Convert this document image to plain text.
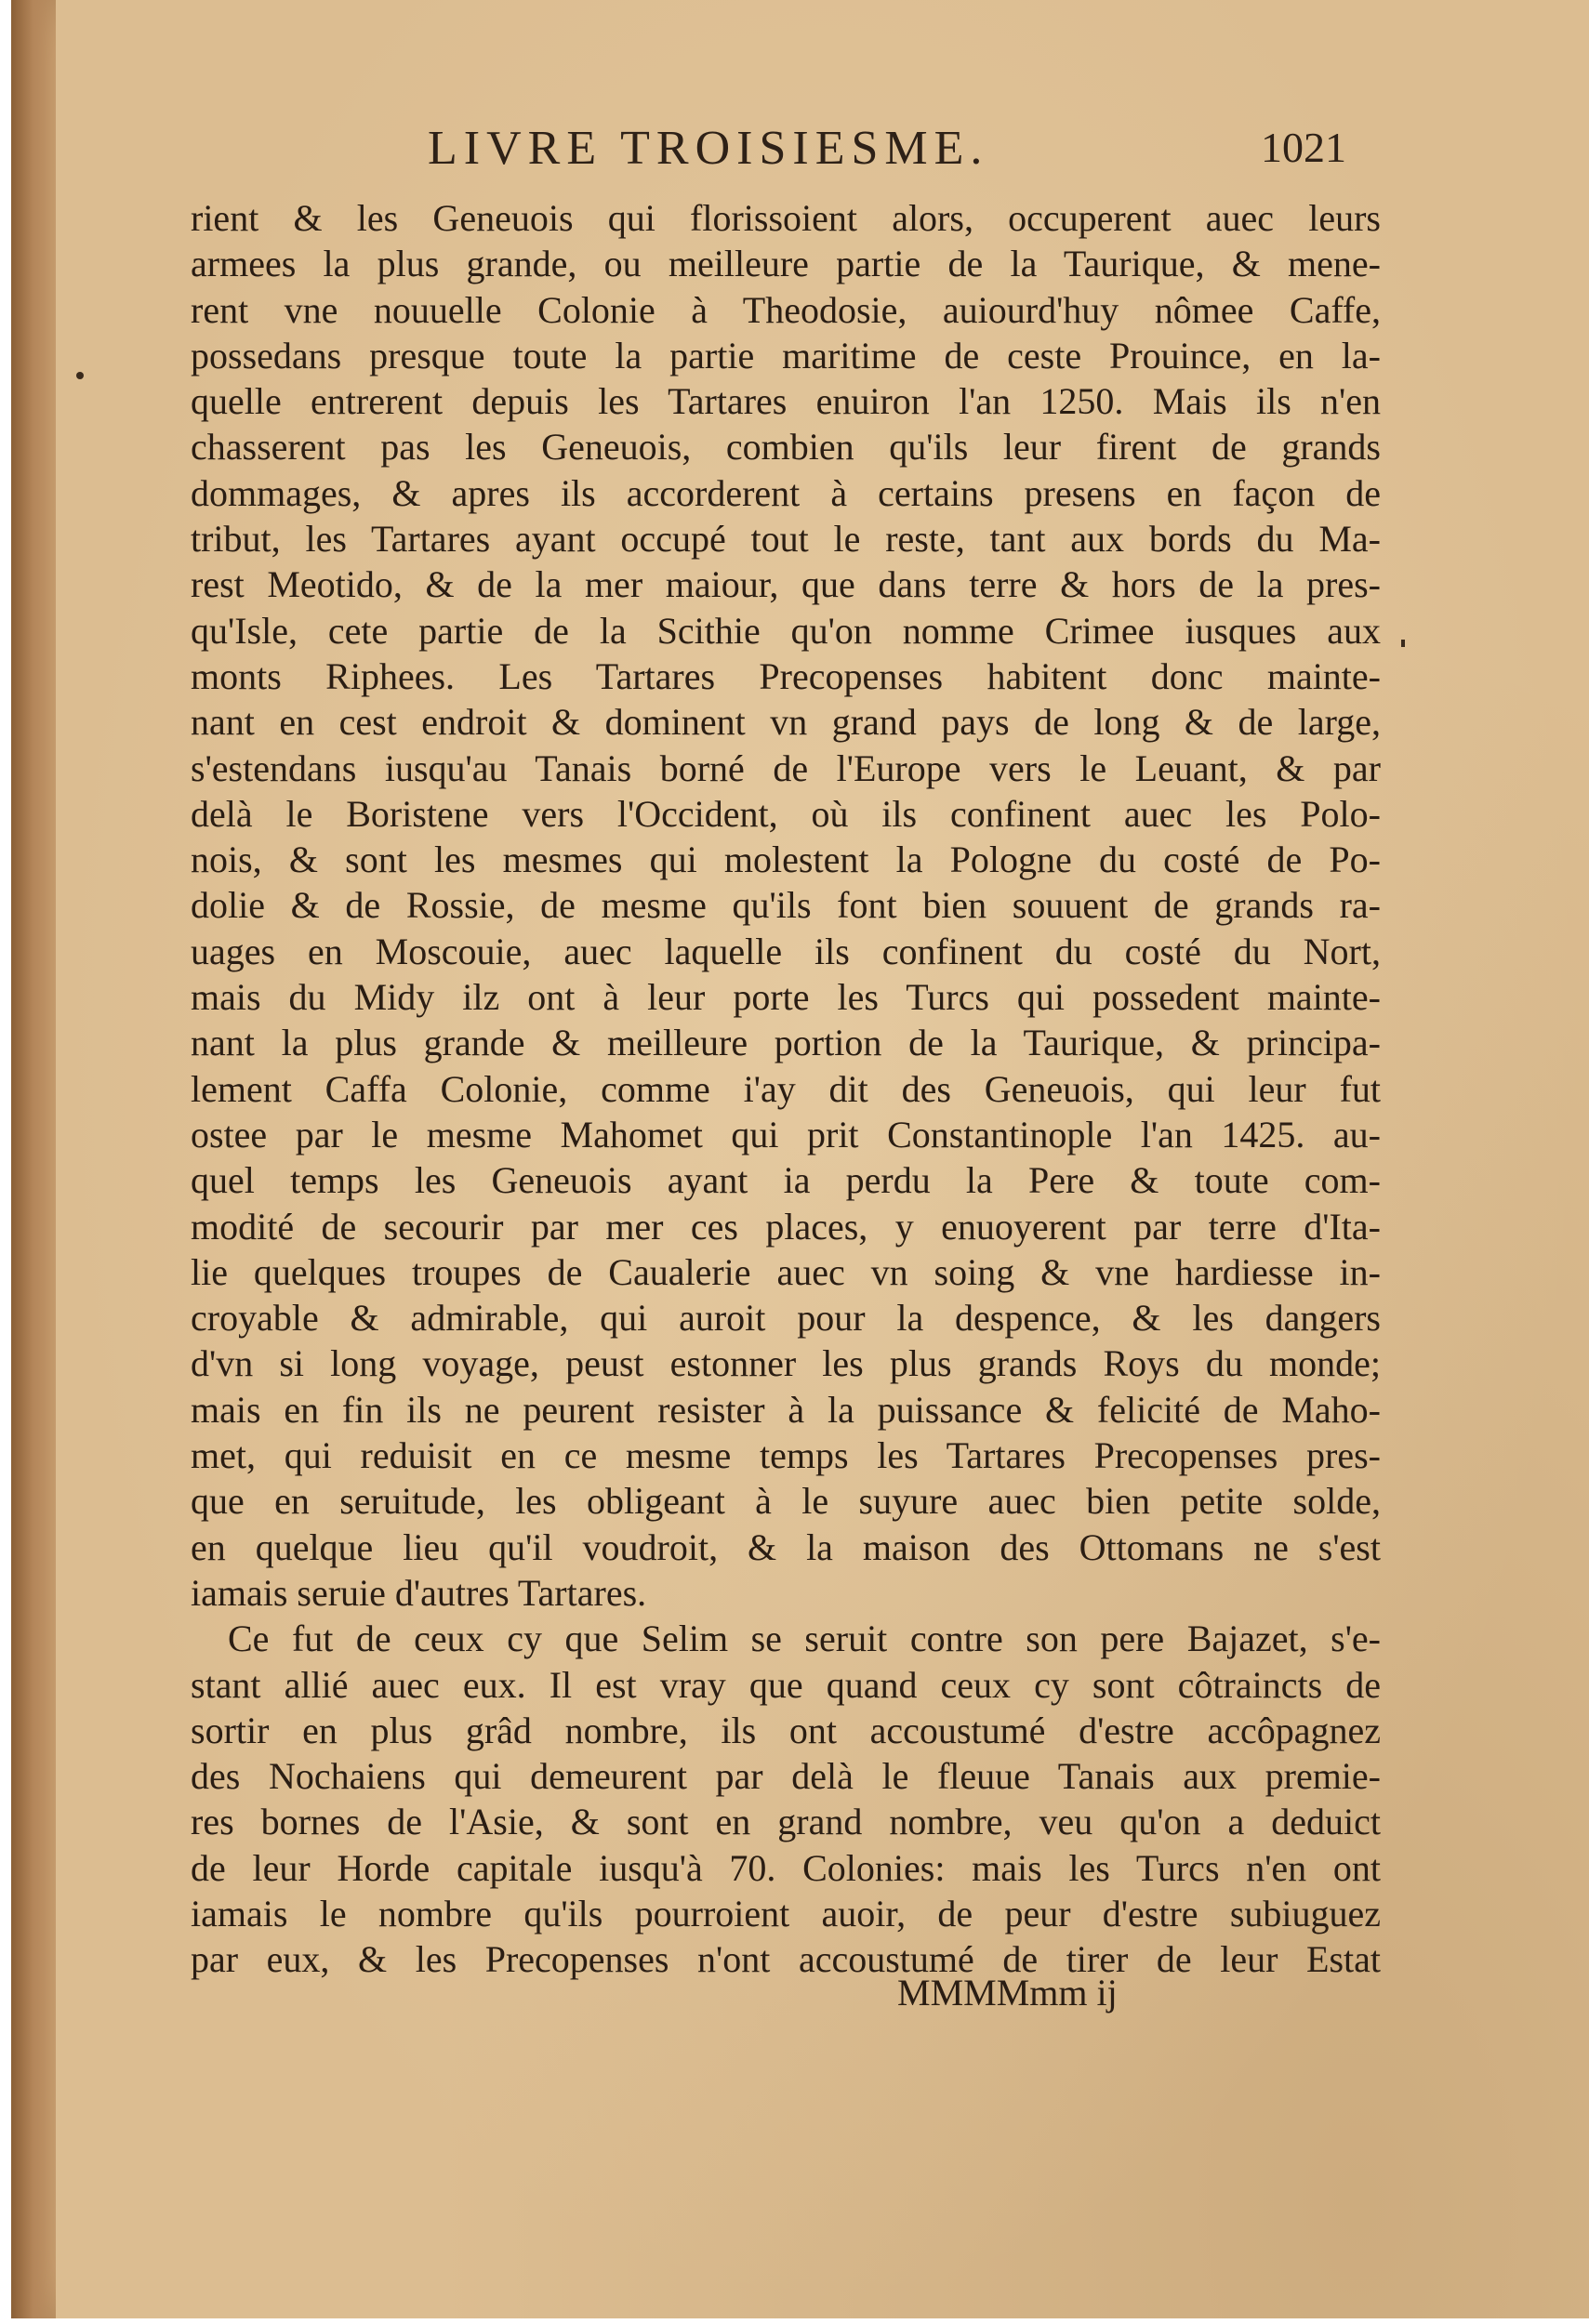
LIVRE TROISIESME.	1021
rient & les Geneuois qui florissoient alors, occuperent auec leurs
armees la plus grande, ou meilleure partie de la Taurique, & mene-
rent vne nouuelle Colonie à Theodosie, auiourd'huy nômee Caffe,
possedans presque toute la partie maritime de ceste Prouince, en la-
quelle entrerent depuis les Tartares enuiron l'an 1250. Mais ils n'en
chasserent pas les Geneuois, combien qu'ils leur firent de grands
dommages, & apres ils accorderent à certains presens en façon de
tribut, les Tartares ayant occupé tout le reste, tant aux bords du Ma-
rest Meotido, & de la mer maiour, que dans terre & hors de la pres-
qu'Isle, cete partie de la Scithie qu'on nomme Crimee iusques aux
monts Riphees. Les Tartares Precopenses habitent donc mainte-
nant en cest endroit & dominent vn grand pays de long & de large,
s'estendans iusqu'au Tanais borné de l'Europe vers le Leuant, & par
delà le Boristene vers l'Occident, où ils confinent auec les Polo-
nois, & sont les mesmes qui molestent la Pologne du costé de Po-
dolie & de Rossie, de mesme qu'ils font bien souuent de grands ra-
uages en Moscouie, auec laquelle ils confinent du costé du Nort,
mais du Midy ilz ont à leur porte les Turcs qui possedent mainte-
nant la plus grande & meilleure portion de la Taurique, & principa-
lement Caffa Colonie, comme i'ay dit des Geneuois, qui leur fut
ostee par le mesme Mahomet qui prit Constantinople l'an 1425. au-
quel temps les Geneuois ayant ia perdu la Pere & toute com-
modité de secourir par mer ces places, y enuoyerent par terre d'Ita-
lie quelques troupes de Caualerie auec vn soing & vne hardiesse in-
croyable & admirable, qui auroit pour la despence, & les dangers
d'vn si long voyage, peust estonner les plus grands Roys du monde;
mais en fin ils ne peurent resister à la puissance & felicité de Maho-
met, qui reduisit en ce mesme temps les Tartares Precopenses pres-
que en seruitude, les obligeant à le suyure auec bien petite solde,
en quelque lieu qu'il voudroit, & la maison des Ottomans ne s'est
iamais seruie d'autres Tartares.
Ce fut de ceux cy que Selim se seruit contre son pere Bajazet, s'e-
stant allié auec eux. Il est vray que quand ceux cy sont côtraincts de
sortir en plus grâd nombre, ils ont accoustumé d'estre accôpagnez
des Nochaiens qui demeurent par delà le fleuue Tanais aux premie-
res bornes de l'Asie, & sont en grand nombre, veu qu'on a deduict
de leur Horde capitale iusqu'à 70. Colonies: mais les Turcs n'en ont
iamais le nombre qu'ils pourroient auoir, de peur d'estre subiuguez
par eux, & les Precopenses n'ont accoustumé de tirer de leur Estat
MMMMmm ij
